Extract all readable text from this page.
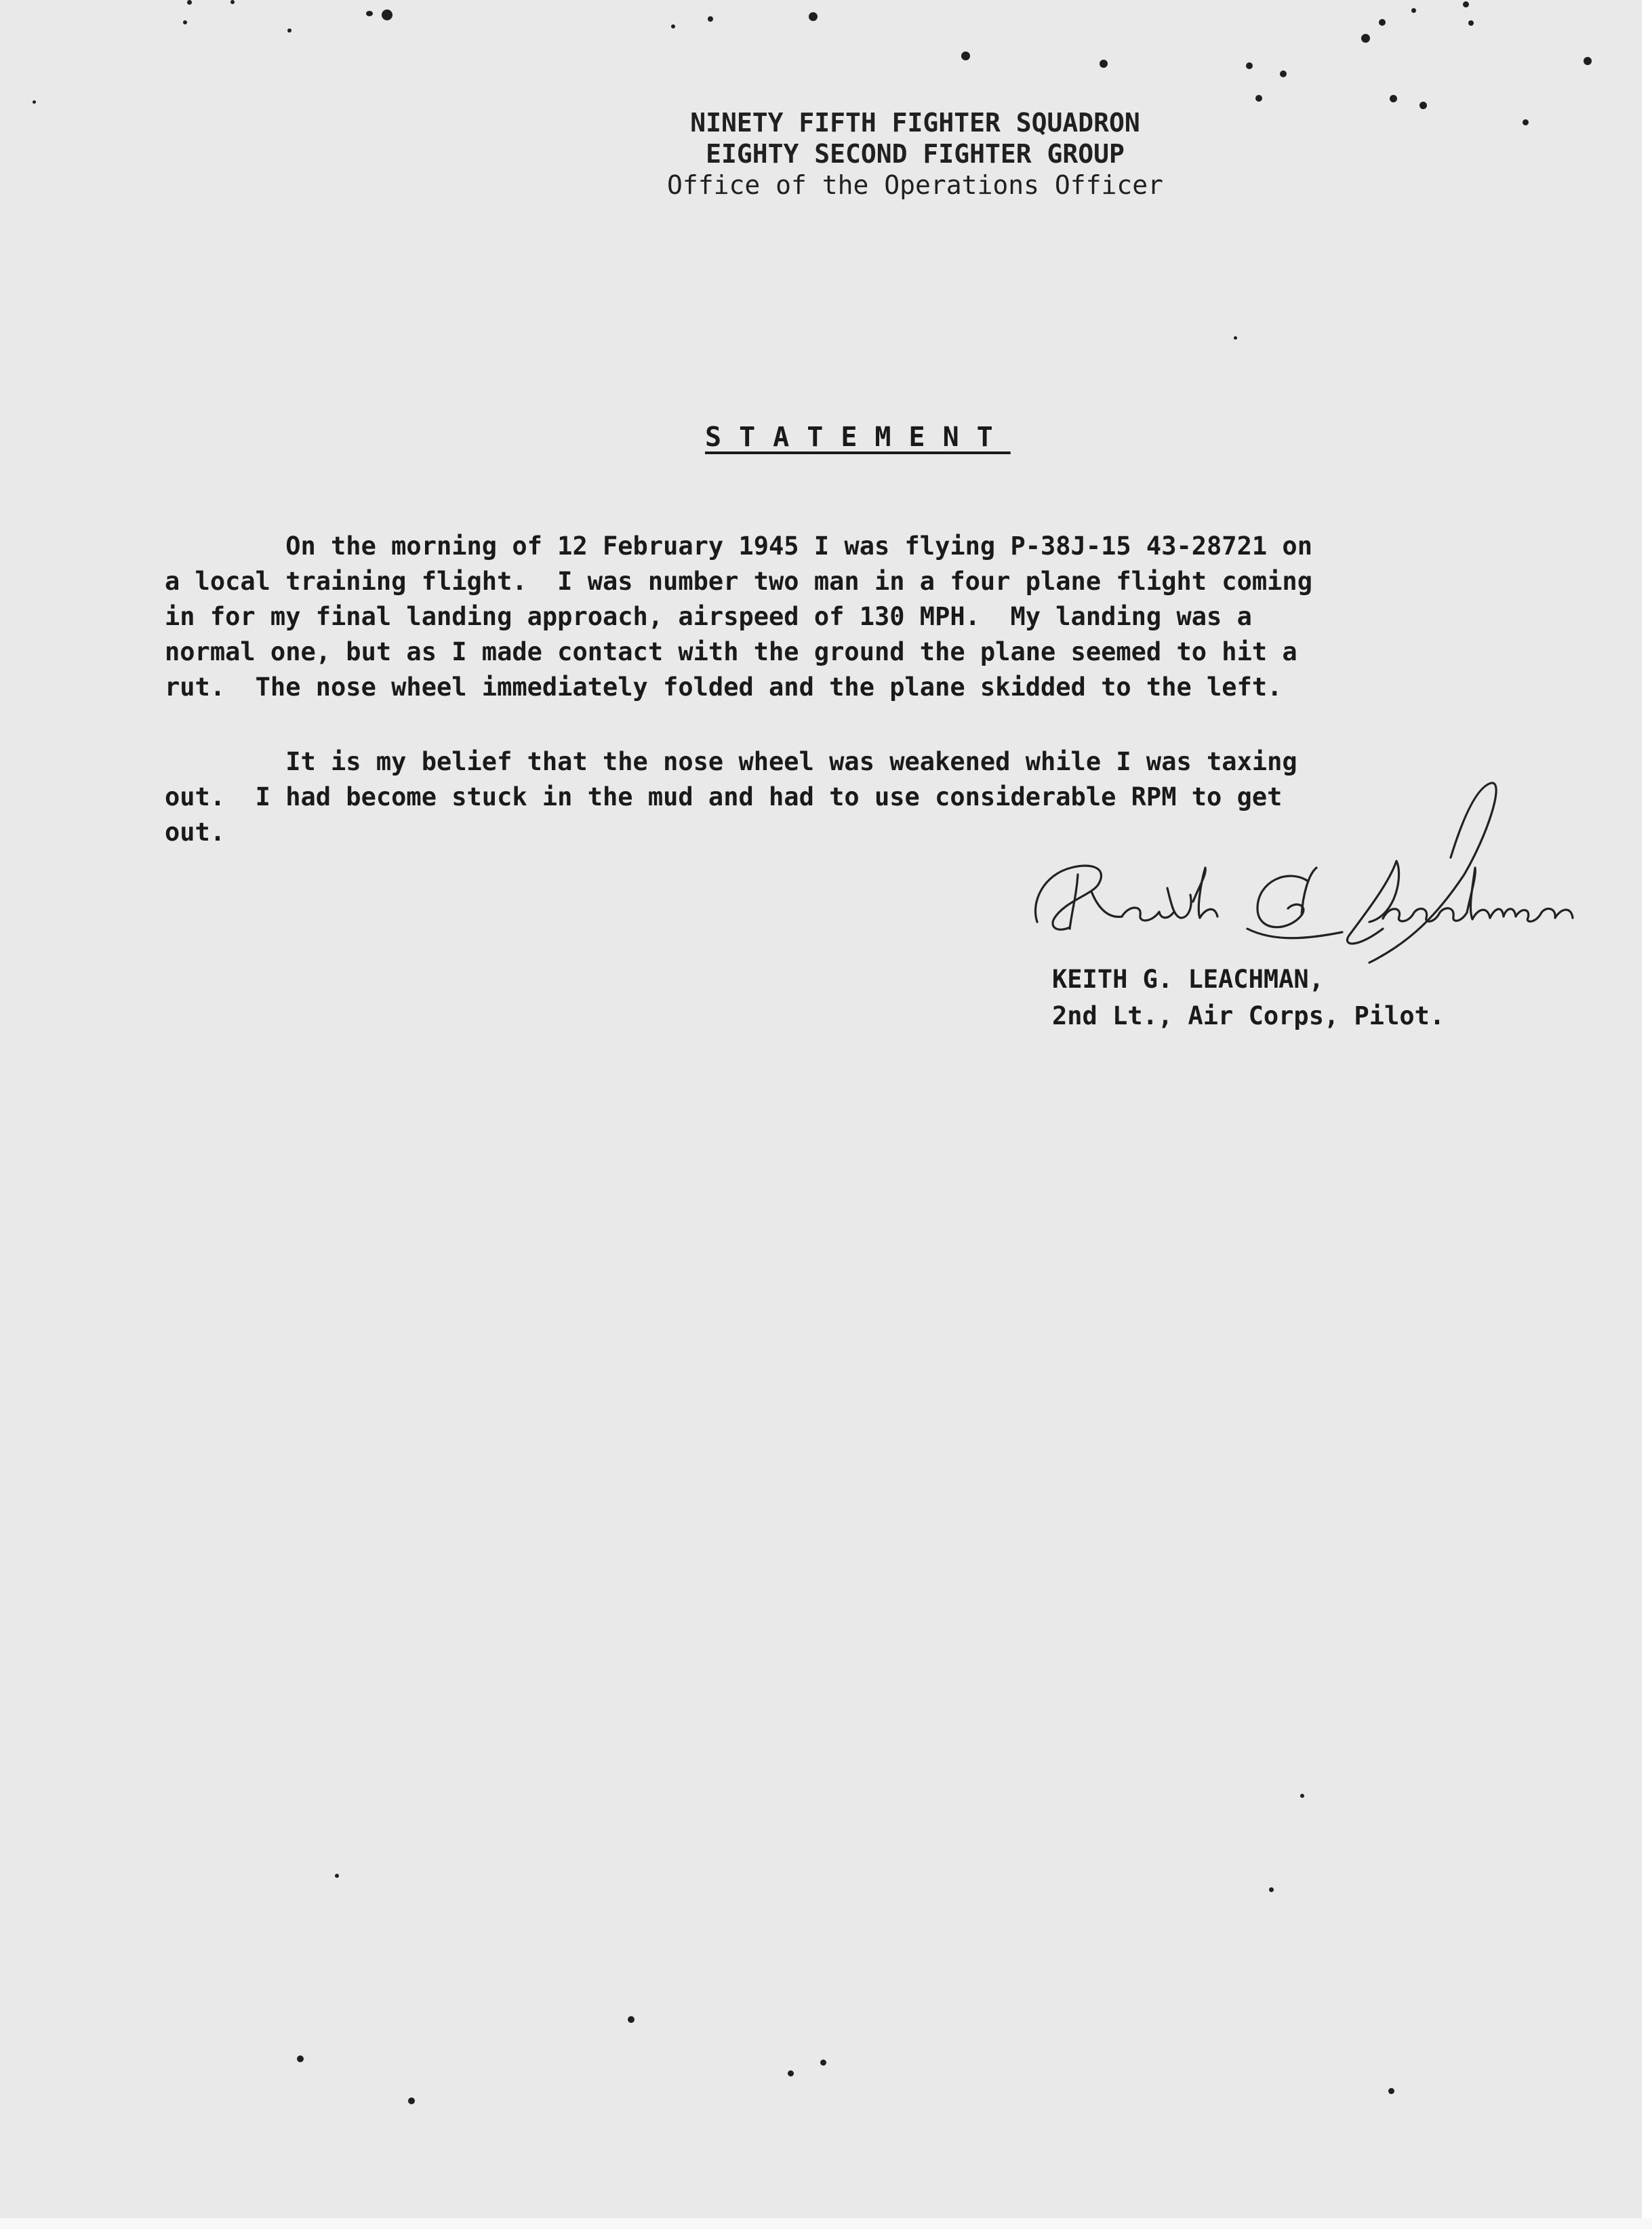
NINETY FIFTH FIGHTER SQUADRON
EIGHTY SECOND FIGHTER GROUP
Office of the Operations Officer
STATEMENT
On the morning of 12 February 1945 I was flying P-38J-15 43-28721 on
a local training flight.  I was number two man in a four plane flight coming
in for my final landing approach, airspeed of 130 MPH.  My landing was a
normal one, but as I made contact with the ground the plane seemed to hit a
rut.  The nose wheel immediately folded and the plane skidded to the left.
It is my belief that the nose wheel was weakened while I was taxing
out.  I had become stuck in the mud and had to use considerable RPM to get
out.
KEITH G. LEACHMAN,
2nd Lt., Air Corps, Pilot.
